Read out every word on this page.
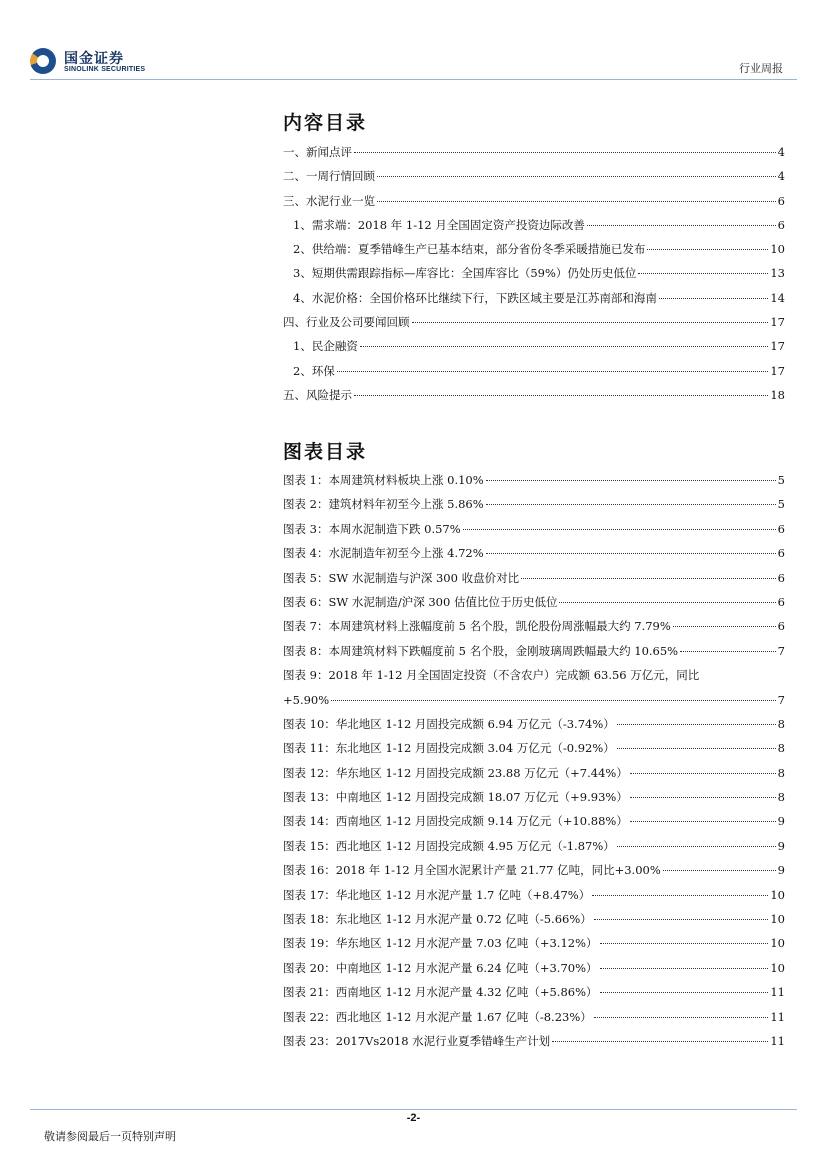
国金证券
SINOLINK SECURITIES	行业周报
内容目录
一、新闻点评	4
二、一周行情回顾	4
三、水泥行业一览	6
1、需求端：2018 年 1-12 月全国固定资产投资边际改善	6
2、供给端：夏季错峰生产已基本结束，部分省份冬季采暖措施已发布	10
3、短期供需跟踪指标—库容比：全国库容比（59%）仍处历史低位	13
4、水泥价格：全国价格环比继续下行，下跌区域主要是江苏南部和海南	14
四、行业及公司要闻回顾	17
1、民企融资	17
2、环保	17
五、风险提示	18
图表目录
图表 1：本周建筑材料板块上涨 0.10%	5
图表 2：建筑材料年初至今上涨 5.86%	5
图表 3：本周水泥制造下跌 0.57%	6
图表 4：水泥制造年初至今上涨 4.72%	6
图表 5：SW 水泥制造与沪深 300 收盘价对比	6
图表 6：SW 水泥制造/沪深 300 估值比位于历史低位	6
图表 7：本周建筑材料上涨幅度前 5 名个股，凯伦股份周涨幅最大约 7.79%	6
图表 8：本周建筑材料下跌幅度前 5 名个股，金刚玻璃周跌幅最大约 10.65%	7
图表 9：2018 年 1-12 月全国固定投资（不含农户）完成额 63.56 万亿元，同比
+5.90%	7
图表 10：华北地区 1-12 月固投完成额 6.94 万亿元（-3.74%）	8
图表 11：东北地区 1-12 月固投完成额 3.04 万亿元（-0.92%）	8
图表 12：华东地区 1-12 月固投完成额 23.88 万亿元（+7.44%）	8
图表 13：中南地区 1-12 月固投完成额 18.07 万亿元（+9.93%）	8
图表 14：西南地区 1-12 月固投完成额 9.14 万亿元（+10.88%）	9
图表 15：西北地区 1-12 月固投完成额 4.95 万亿元（-1.87%）	9
图表 16：2018 年 1-12 月全国水泥累计产量 21.77 亿吨，同比+3.00%	9
图表 17：华北地区 1-12 月水泥产量 1.7 亿吨（+8.47%）	10
图表 18：东北地区 1-12 月水泥产量 0.72 亿吨（-5.66%）	10
图表 19：华东地区 1-12 月水泥产量 7.03 亿吨（+3.12%）	10
图表 20：中南地区 1-12 月水泥产量 6.24 亿吨（+3.70%）	10
图表 21：西南地区 1-12 月水泥产量 4.32 亿吨（+5.86%）	11
图表 22：西北地区 1-12 月水泥产量 1.67 亿吨（-8.23%）	11
图表 23：2017Vs2018 水泥行业夏季错峰生产计划	11
-2-
敬请参阅最后一页特别声明
